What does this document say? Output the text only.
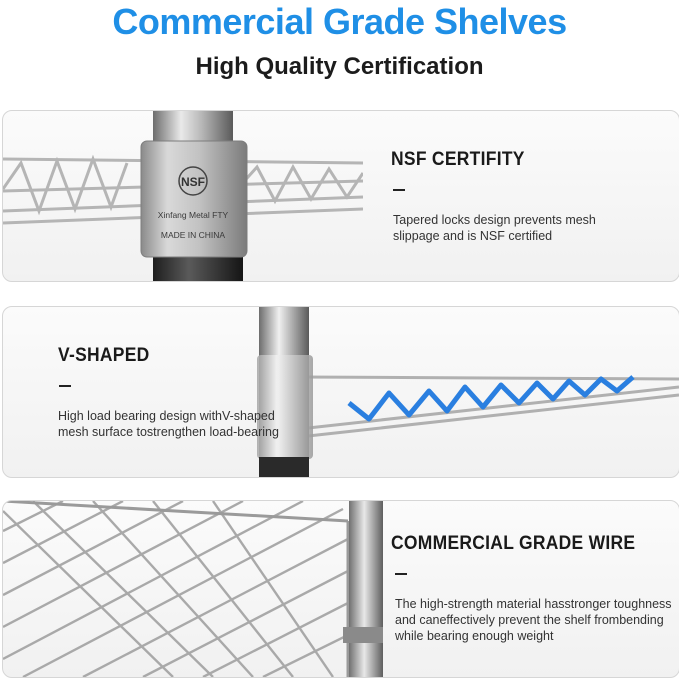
Commercial Grade Shelves
High Quality Certification
NSF
Xinfang Metal FTY
MADE IN CHINA
NSF CERTIFITY
Tapered locks design prevents mesh
slippage and is NSF certified
V-SHAPED
High load bearing design withV-shaped
mesh surface tostrengthen load-bearing
COMMERCIAL GRADE WIRE
The high-strength material hasstronger toughness
and caneffectively prevent the shelf frombending
while bearing enough weight
